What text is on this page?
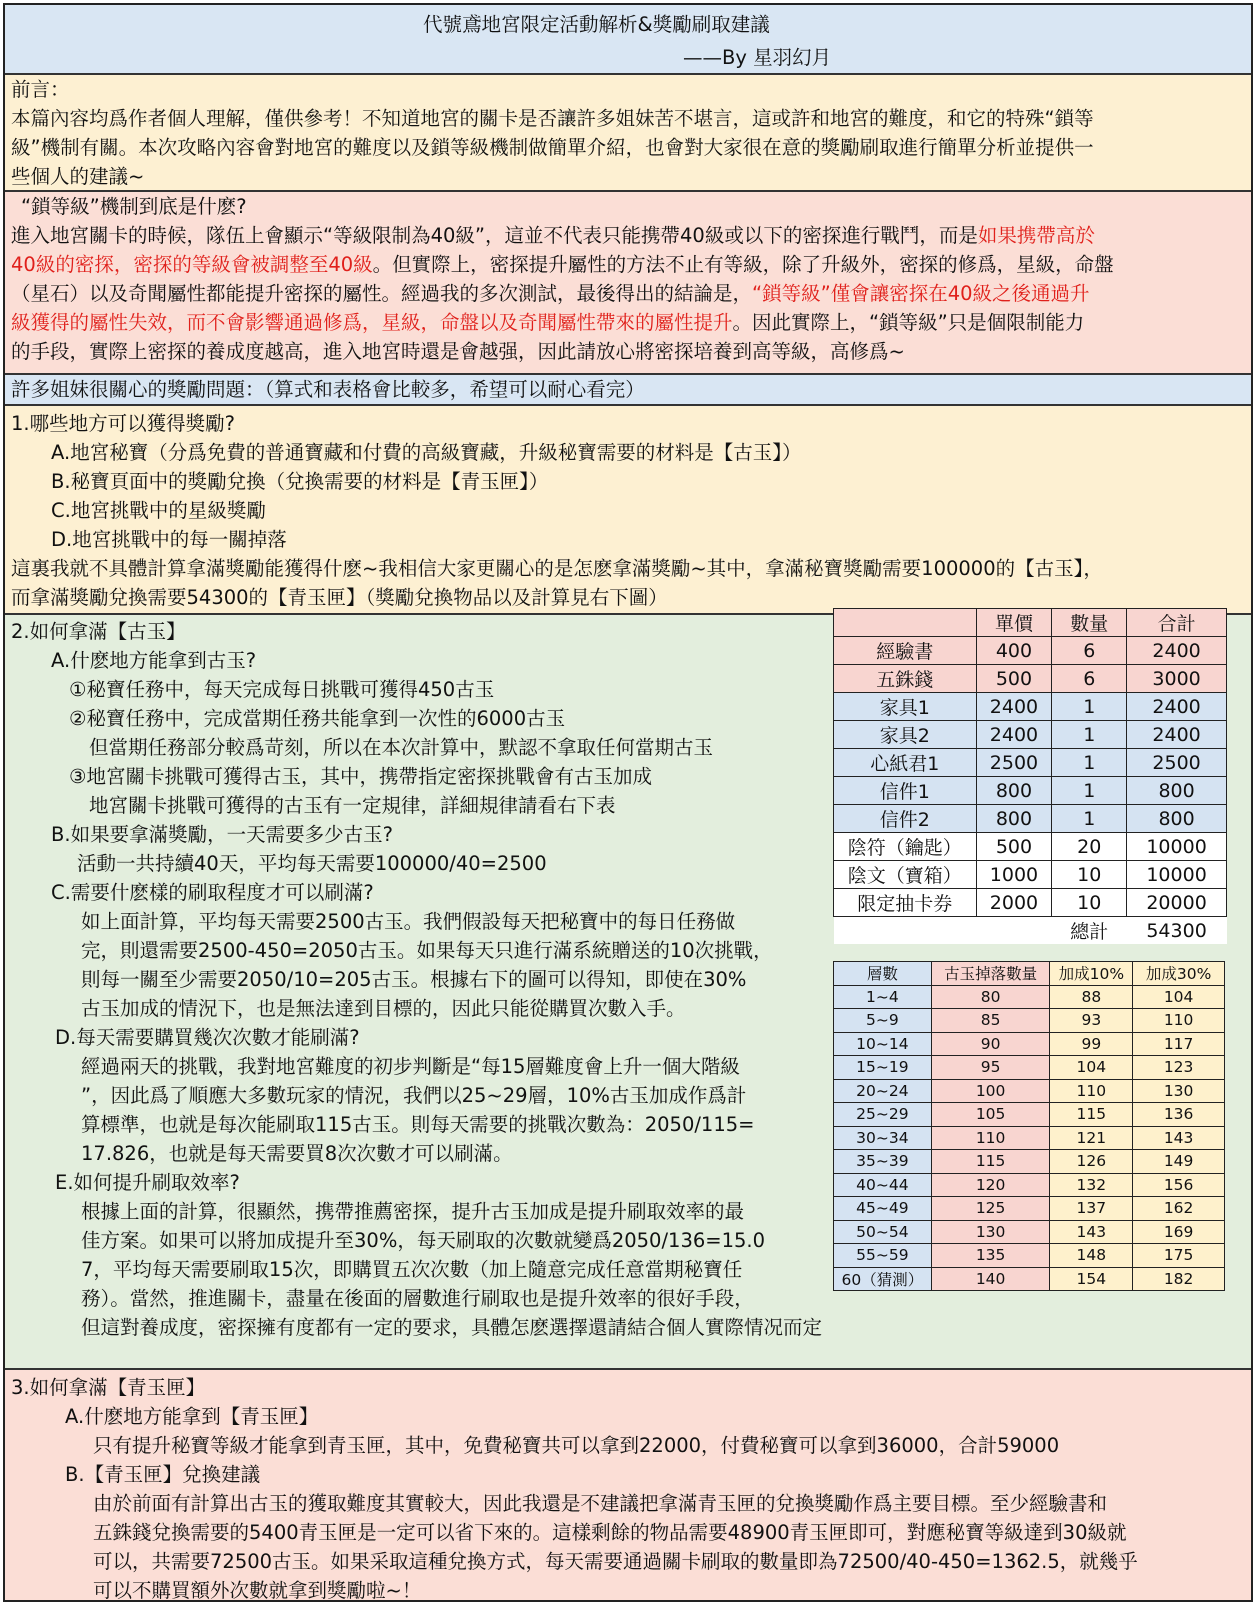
代號鳶地宮限定活動解析&獎勵刷取建議
——By 星羽幻月
前言：
本篇內容均爲作者個人理解，僅供參考！不知道地宮的關卡是否讓許多姐妹苦不堪言，這或許和地宮的難度，和它的特殊“鎖等
級”機制有關。本次攻略內容會對地宮的難度以及鎖等級機制做簡單介紹，也會對大家很在意的獎勵刷取進行簡單分析並提供一
些個人的建議~
“鎖等級”機制到底是什麽?
進入地宮關卡的時候，隊伍上會顯示“等級限制為40級”，這並不代表只能携帶40級或以下的密探進行戰鬥，而是如果携帶高於
40級的密探，密探的等級會被調整至40級。但實際上，密探提升屬性的方法不止有等級，除了升級外，密探的修爲，星級，命盤
（星石）以及奇聞屬性都能提升密探的屬性。經過我的多次測試，最後得出的結論是，“鎖等級”僅會讓密探在40級之後通過升
級獲得的屬性失效，而不會影響通過修爲，星級，命盤以及奇聞屬性帶來的屬性提升。因此實際上，“鎖等級”只是個限制能力
的手段，實際上密探的養成度越高，進入地宮時還是會越强，因此請放心將密探培養到高等級，高修爲~
許多姐妹很關心的獎勵問題：（算式和表格會比較多，希望可以耐心看完）
1.哪些地方可以獲得獎勵?
A.地宮秘寶（分爲免費的普通寶藏和付費的高級寶藏，升級秘寶需要的材料是【古玉】）
B.秘寶頁面中的獎勵兌換（兌換需要的材料是【青玉匣】）
C.地宮挑戰中的星級獎勵
D.地宮挑戰中的每一關掉落
這裏我就不具體計算拿滿獎勵能獲得什麽~我相信大家更關心的是怎麽拿滿獎勵~其中，拿滿秘寶獎勵需要100000的【古玉】，
而拿滿獎勵兌換需要54300的【青玉匣】（獎勵兌換物品以及計算見右下圖）
2.如何拿滿【古玉】
A.什麽地方能拿到古玉?
①秘寶任務中，每天完成每日挑戰可獲得450古玉
②秘寶任務中，完成當期任務共能拿到一次性的6000古玉
但當期任務部分較爲苛刻，所以在本次計算中，默認不拿取任何當期古玉
③地宮關卡挑戰可獲得古玉，其中，携帶指定密探挑戰會有古玉加成
地宮關卡挑戰可獲得的古玉有一定規律，詳細規律請看右下表
B.如果要拿滿獎勵，一天需要多少古玉?
活動一共持續40天，平均每天需要100000/40=2500
C.需要什麽樣的刷取程度才可以刷滿?
如上面計算，平均每天需要2500古玉。我們假設每天把秘寶中的每日任務做
完，則還需要2500-450=2050古玉。如果每天只進行滿系統贈送的10次挑戰，
則每一關至少需要2050/10=205古玉。根據右下的圖可以得知，即使在30%
古玉加成的情況下，也是無法達到目標的，因此只能從購買次數入手。
D.每天需要購買幾次次數才能刷滿?
經過兩天的挑戰，我對地宮難度的初步判斷是“每15層難度會上升一個大階級
”，因此爲了順應大多數玩家的情況，我們以25~29層，10%古玉加成作爲計
算標準，也就是每次能刷取115古玉。則每天需要的挑戰次數為：2050/115=
17.826，也就是每天需要買8次次數才可以刷滿。
E.如何提升刷取效率?
根據上面的計算，很顯然，携帶推薦密探，提升古玉加成是提升刷取效率的最
佳方案。如果可以將加成提升至30%，每天刷取的次數就變爲2050/136=15.0
7，平均每天需要刷取15次，即購買五次次數（加上隨意完成任意當期秘寶任
務）。當然，推進關卡，盡量在後面的層數進行刷取也是提升效率的很好手段，
但這對養成度，密探擁有度都有一定的要求，具體怎麽選擇還請結合個人實際情况而定
	單價	數量	合計
經驗書	400	6	2400
五銖錢	500	6	3000
家具1	2400	1	2400
家具2	2400	1	2400
心紙君1	2500	1	2500
信件1	800	1	800
信件2	800	1	800
陰符（鑰匙）	500	20	10000
陰文（寶箱）	1000	10	10000
限定抽卡券	2000	10	20000
		總計	54300
層數	古玉掉落數量	加成10%	加成30%
1~4	80	88	104
5~9	85	93	110
10~14	90	99	117
15~19	95	104	123
20~24	100	110	130
25~29	105	115	136
30~34	110	121	143
35~39	115	126	149
40~44	120	132	156
45~49	125	137	162
50~54	130	143	169
55~59	135	148	175
60（猜測）	140	154	182
3.如何拿滿【青玉匣】
A.什麽地方能拿到【青玉匣】
只有提升秘寶等級才能拿到青玉匣，其中，免費秘寶共可以拿到22000，付費秘寶可以拿到36000，合計59000
B.【青玉匣】兌換建議
由於前面有計算出古玉的獲取難度其實較大，因此我還是不建議把拿滿青玉匣的兌換獎勵作爲主要目標。至少經驗書和
五銖錢兌換需要的5400青玉匣是一定可以省下來的。這樣剩餘的物品需要48900青玉匣即可，對應秘寶等級達到30級就
可以，共需要72500古玉。如果采取這種兌換方式，每天需要通過關卡刷取的數量即為72500/40-450=1362.5，就幾乎
可以不購買額外次數就拿到獎勵啦~！
